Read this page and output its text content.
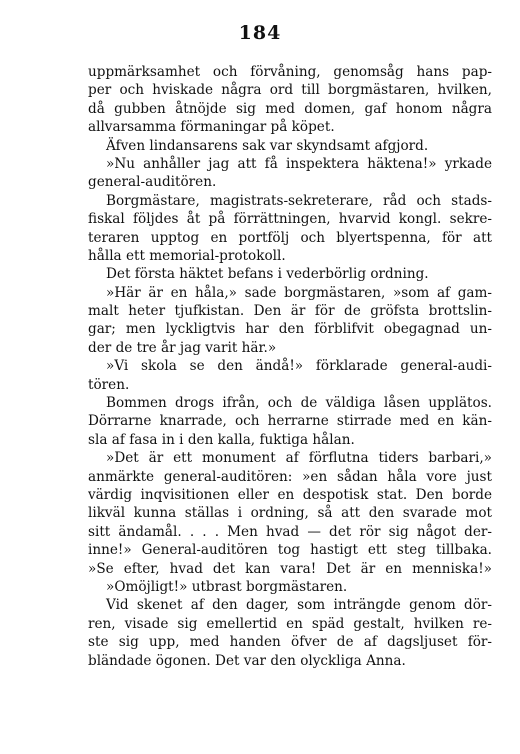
184
uppmärksamhet och förvåning, genomsåg hans pap-
per och hviskade några ord till borgmästaren, hvilken,
då gubben åtnöjde sig med domen, gaf honom några
allvarsamma förmaningar på köpet.
Äfven lindansarens sak var skyndsamt afgjord.
»Nu anhåller jag att få inspektera häktena!» yrkade
general-auditören.
Borgmästare, magistrats-sekreterare, råd och stads-
fiskal följdes åt på förrättningen, hvarvid kongl. sekre-
teraren upptog en portfölj och blyertspenna, för att
hålla ett memorial-protokoll.
Det första häktet befans i vederbörlig ordning.
»Här är en håla,» sade borgmästaren, »som af gam-
malt heter tjufkistan. Den är för de gröfsta brottslin-
gar; men lyckligtvis har den förblifvit obegagnad un-
der de tre år jag varit här.»
»Vi skola se den ändå!» förklarade general-audi-
tören.
Bommen drogs ifrån, och de väldiga låsen upplätos.
Dörrarne knarrade, och herrarne stirrade med en kän-
sla af fasa in i den kalla, fuktiga hålan.
»Det är ett monument af förflutna tiders barbari,»
anmärkte general-auditören: »en sådan håla vore just
värdig inqvisitionen eller en despotisk stat. Den borde
likväl kunna ställas i ordning, så att den svarade mot
sitt ändamål. . . . Men hvad — det rör sig något der-
inne!» General-auditören tog hastigt ett steg tillbaka.
»Se efter, hvad det kan vara! Det är en menniska!»
»Omöjligt!» utbrast borgmästaren.
Vid skenet af den dager, som inträngde genom dör-
ren, visade sig emellertid en späd gestalt, hvilken re-
ste sig upp, med handen öfver de af dagsljuset för-
bländade ögonen. Det var den olyckliga Anna.
